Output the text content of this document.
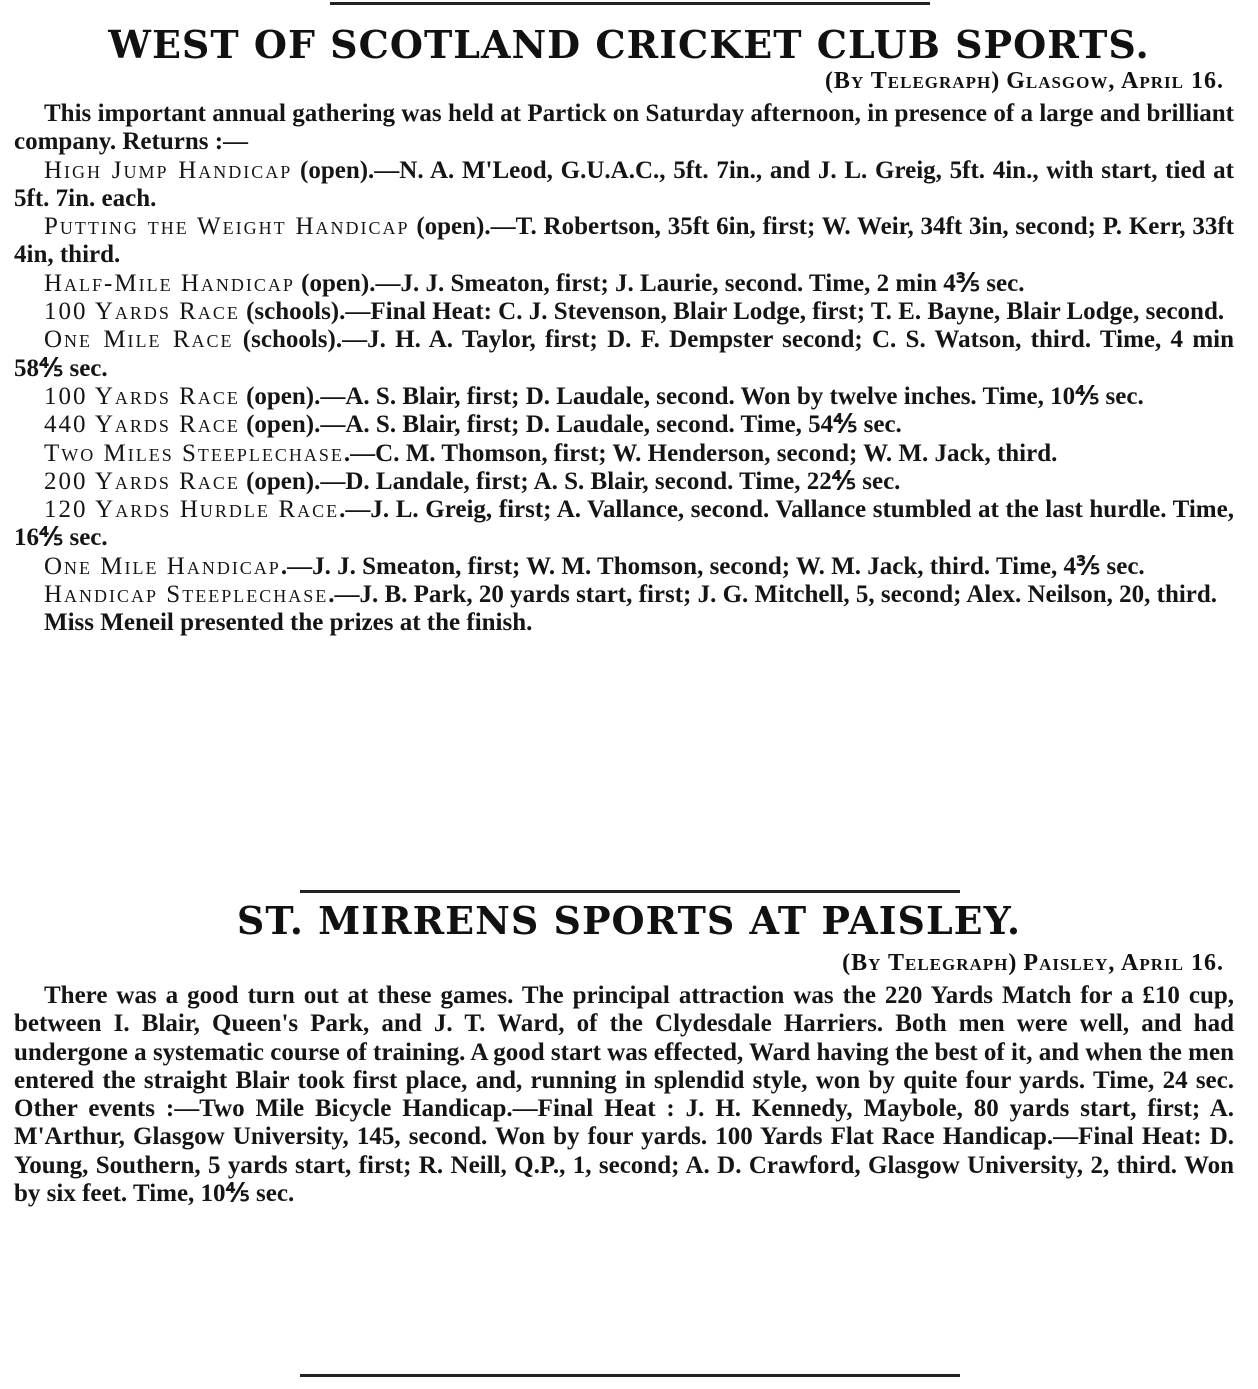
WEST OF SCOTLAND CRICKET CLUB SPORTS.
(By Telegraph) Glasgow, April 16.

This important annual gathering was held at Partick on Saturday afternoon, in presence of a large and brilliant company. Returns :—

High Jump Handicap (open).—N. A. M'Leod, G.U.A.C., 5ft. 7in., and J. L. Greig, 5ft. 4in., with start, tied at 5ft. 7in. each.

Putting the Weight Handicap (open).—T. Robertson, 35ft 6in, first; W. Weir, 34ft 3in, second; P. Kerr, 33ft 4in, third.

Half-Mile Handicap (open).—J. J. Smeaton, first; J. Laurie, second. Time, 2 min 4⅗ sec.

100 Yards Race (schools).—Final Heat: C. J. Stevenson, Blair Lodge, first; T. E. Bayne, Blair Lodge, second.

One Mile Race (schools).—J. H. A. Taylor, first; D. F. Dempster second; C. S. Watson, third. Time, 4 min 58⅘ sec.

100 Yards Race (open).—A. S. Blair, first; D. Laudale, second. Won by twelve inches. Time, 10⅘ sec.

440 Yards Race (open).—A. S. Blair, first; D. Laudale, second. Time, 54⅘ sec.

Two Miles Steeplechase.—C. M. Thomson, first; W. Henderson, second; W. M. Jack, third.

200 Yards Race (open).—D. Landale, first; A. S. Blair, second. Time, 22⅘ sec.

120 Yards Hurdle Race.—J. L. Greig, first; A. Vallance, second. Vallance stumbled at the last hurdle. Time, 16⅘ sec.

One Mile Handicap.—J. J. Smeaton, first; W. M. Thomson, second; W. M. Jack, third. Time, 4⅗ sec.

Handicap Steeplechase.—J. B. Park, 20 yards start, first; J. G. Mitchell, 5, second; Alex. Neilson, 20, third.

Miss Meneil presented the prizes at the finish.

ST. MIRRENS SPORTS AT PAISLEY.
(By Telegraph) Paisley, April 16.

There was a good turn out at these games. The principal attraction was the 220 Yards Match for a £10 cup, between I. Blair, Queen's Park, and J. T. Ward, of the Clydesdale Harriers. Both men were well, and had undergone a systematic course of training. A good start was effected, Ward having the best of it, and when the men entered the straight Blair took first place, and, running in splendid style, won by quite four yards. Time, 24 sec. Other events :—Two Mile Bicycle Handicap.—Final Heat : J. H. Kennedy, Maybole, 80 yards start, first; A. M'Arthur, Glasgow University, 145, second. Won by four yards. 100 Yards Flat Race Handicap.—Final Heat: D. Young, Southern, 5 yards start, first; R. Neill, Q.P., 1, second; A. D. Crawford, Glasgow University, 2, third. Won by six feet. Time, 10⅘ sec.
